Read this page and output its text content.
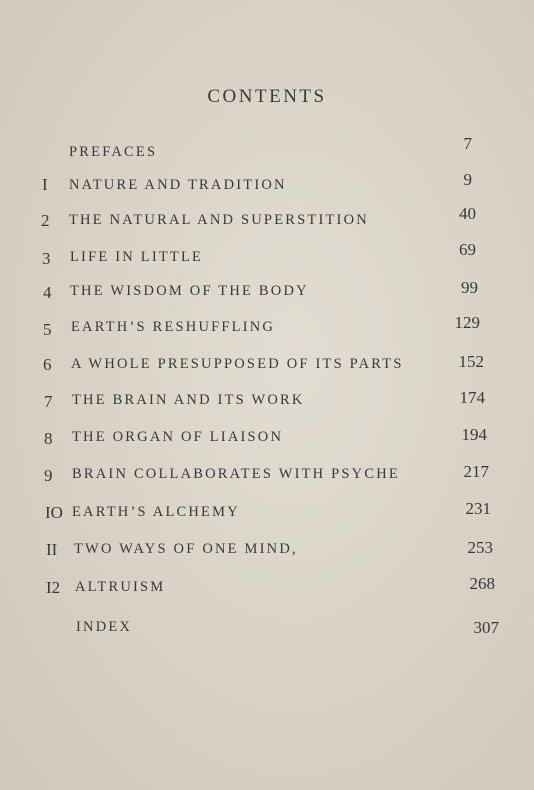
CONTENTS
PREFACES	7
I NATURE AND TRADITION	9
2 THE NATURAL AND SUPERSTITION	40
3 LIFE IN LITTLE	69
4 THE WISDOM OF THE BODY	99
5 EARTH’S RESHUFFLING	129
6 A WHOLE PRESUPPOSED OF ITS PARTS	152
7 THE BRAIN AND ITS WORK	174
8 THE ORGAN OF LIAISON	194
9 BRAIN COLLABORATES WITH PSYCHE	217
IO EARTH’S ALCHEMY	231
II TWO WAYS OF ONE MIND,	253
I2 ALTRUISM	268
INDEX	307
